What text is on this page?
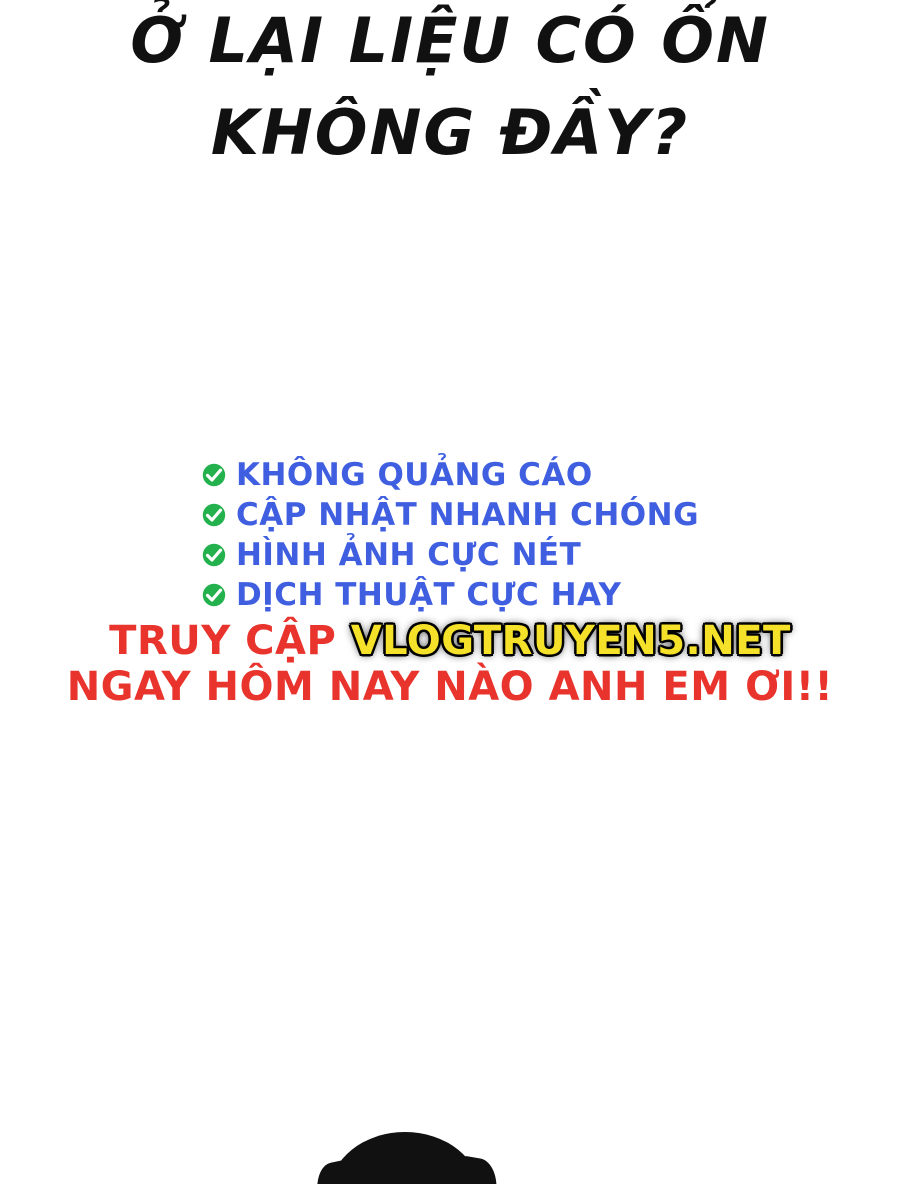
Ở LẠI LIỆU CÓ ỔN
KHÔNG ĐẦY?
KHÔNG QUẢNG CÁO
CẬP NHẬT NHANH CHÓNG
HÌNH ẢNH CỰC NÉT
DỊCH THUẬT CỰC HAY
TRUY CẬP VLOGTRUYEN5.NET
NGAY HÔM NAY NÀO ANH EM ƠI!!
